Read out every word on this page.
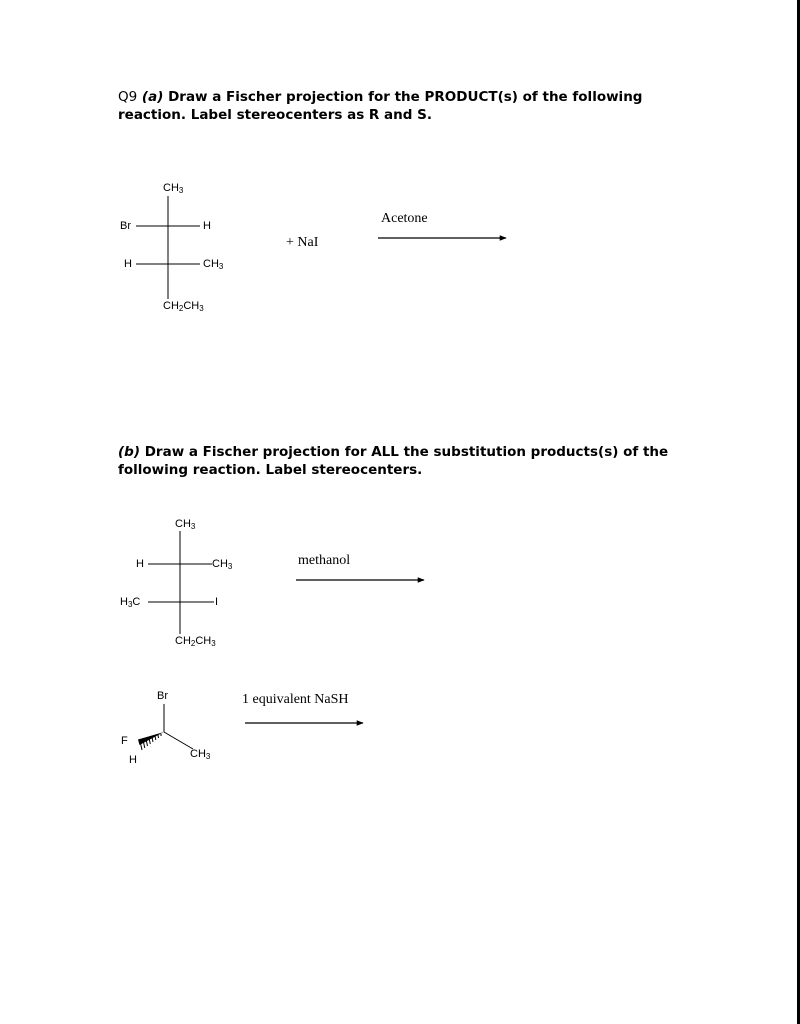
Q9 (a) Draw a Fischer projection for the PRODUCT(s) of the following
reaction. Label stereocenters as R and S.

(b) Draw a Fischer projection for ALL the substitution products(s) of the
following reaction. Label stereocenters.

$CH_3$
Br	H
H	$CH_3$
$CH_2CH_3$
+ NaI
Acetone
$CH_3$
H	$CH_3$
$H_3C$	I
$CH_2CH_3$
methanol
Br
F
H	$CH_3$
1 equivalent NaSH
